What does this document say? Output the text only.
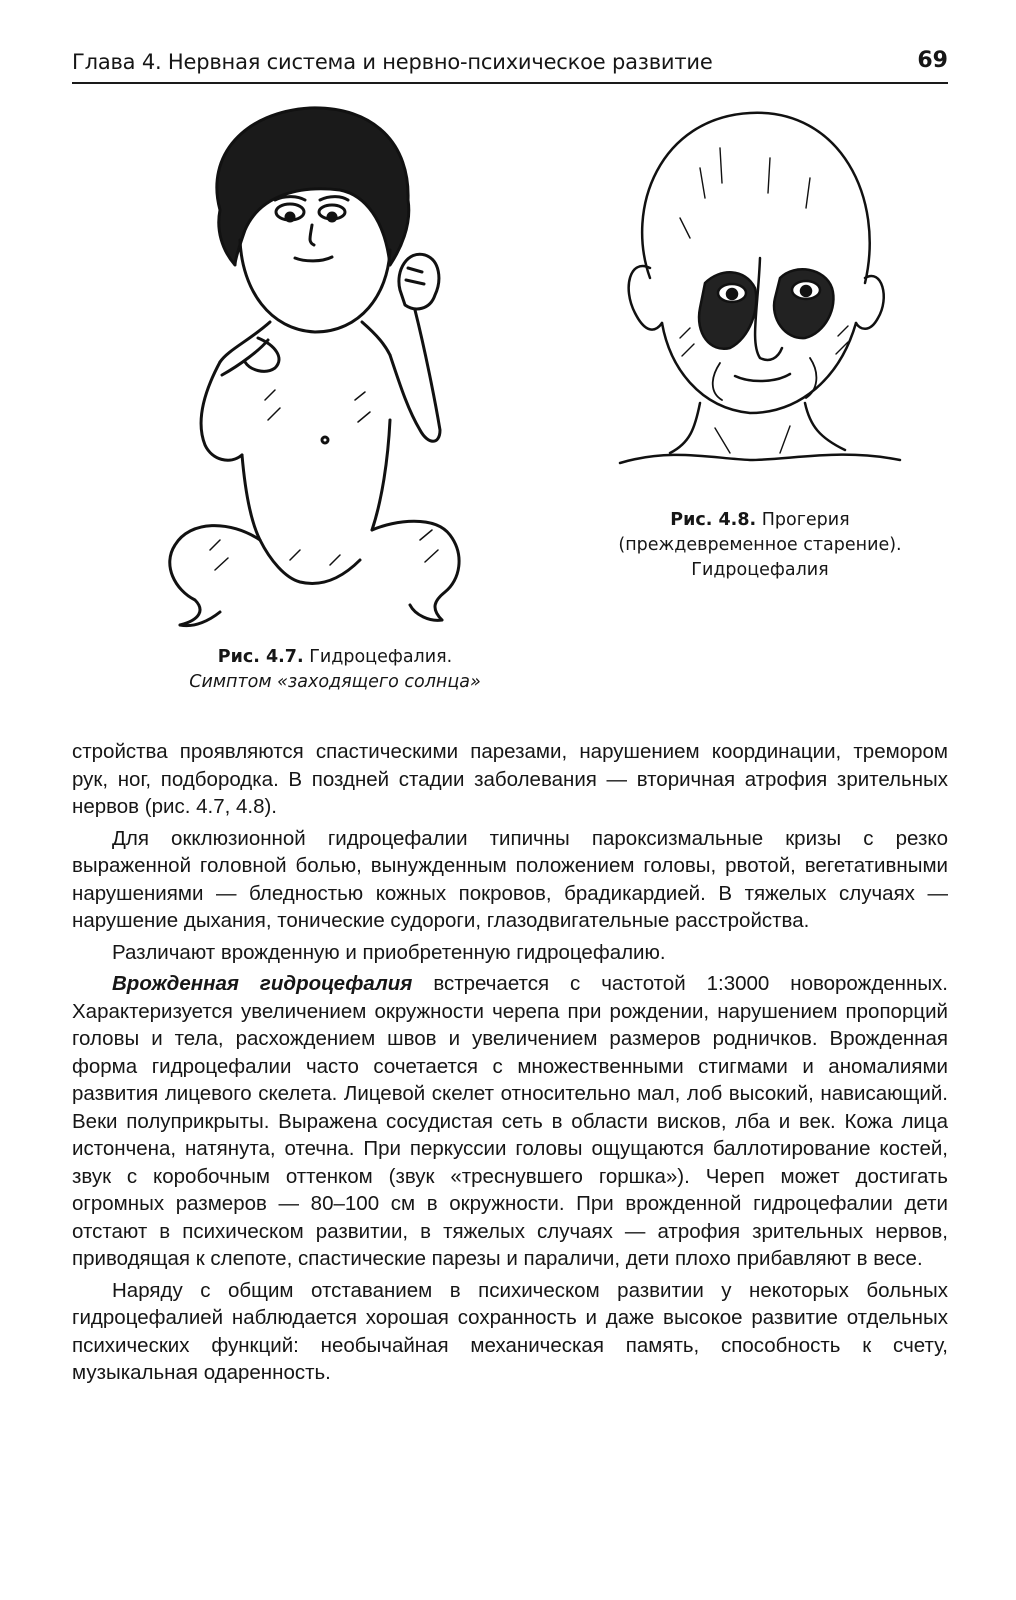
Глава 4. Нервная система и нервно-психическое развитие	69
Рис. 4.7. Гидроцефалия.
Симптом «заходящего солнца»
Рис. 4.8. Прогерия
(преждевременное старение).
Гидроцефалия

стройства проявляются спастическими парезами, нарушением координации, тремором рук, ног, подбородка. В поздней стадии заболевания — вторичная атрофия зрительных нервов (рис. 4.7, 4.8).

Для окклюзионной гидроцефалии типичны пароксизмальные кризы с резко выраженной головной болью, вынужденным положением головы, рвотой, вегетативными нарушениями — бледностью кожных покровов, брадикардией. В тяжелых случаях — нарушение дыхания, тонические судороги, глазодвигательные расстройства.

Различают врожденную и приобретенную гидроцефалию.

Врожденная гидроцефалия встречается с частотой 1:3000 новорожденных. Характеризуется увеличением окружности черепа при рождении, нарушением пропорций головы и тела, расхождением швов и увеличением размеров родничков. Врожденная форма гидроцефалии часто сочетается с множественными стигмами и аномалиями развития лицевого скелета. Лицевой скелет относительно мал, лоб высокий, нависающий. Веки полуприкрыты. Выражена сосудистая сеть в области висков, лба и век. Кожа лица истончена, натянута, отечна. При перкуссии головы ощущаются баллотирование костей, звук с коробочным оттенком (звук «треснувшего горшка»). Череп может достигать огромных размеров — 80–100 см в окружности. При врожденной гидроцефалии дети отстают в психическом развитии, в тяжелых случаях — атрофия зрительных нервов, приводящая к слепоте, спастические парезы и параличи, дети плохо прибавляют в весе.

Наряду с общим отставанием в психическом развитии у некоторых больных гидроцефалией наблюдается хорошая сохранность и даже высокое развитие отдельных психических функций: необычайная механическая память, способность к счету, музыкальная одаренность.
